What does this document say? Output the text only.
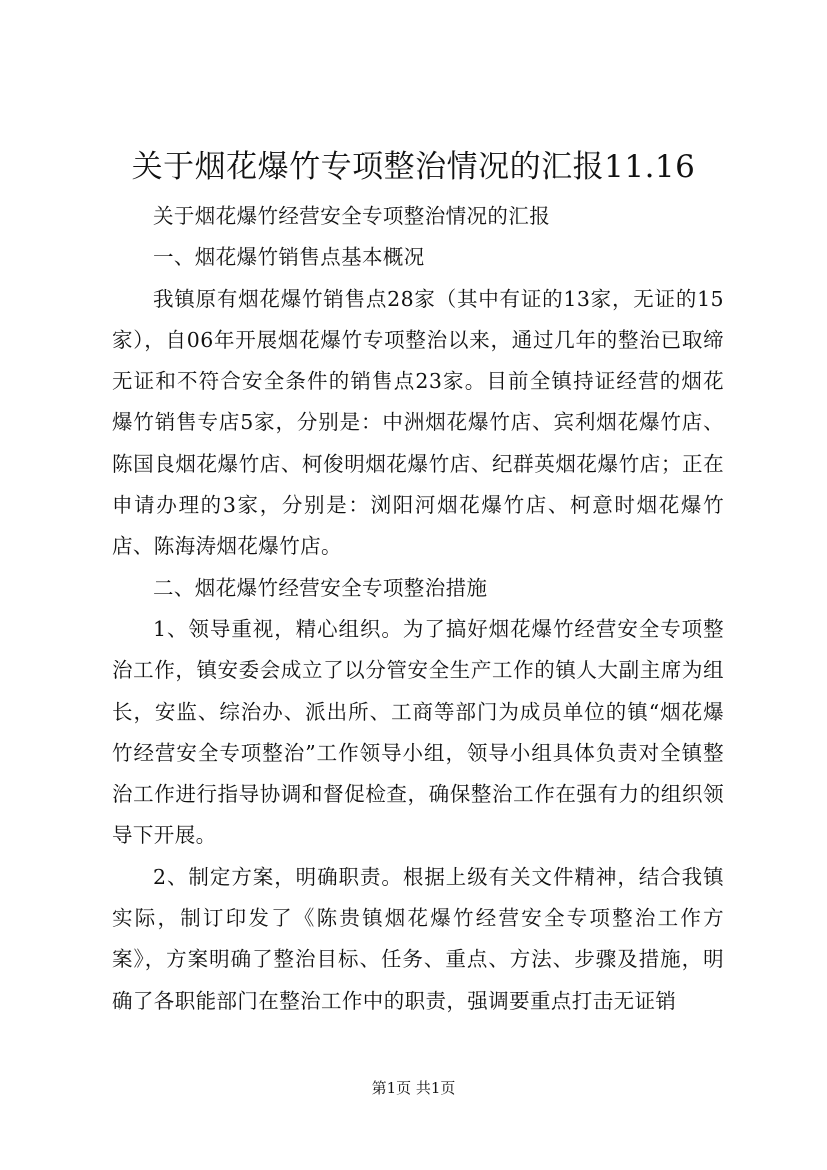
关于烟花爆竹专项整治情况的汇报11.16

关于烟花爆竹经营安全专项整治情况的汇报

一、烟花爆竹销售点基本概况

我镇原有烟花爆竹销售点28家（其中有证的13家，无证的15家），自06年开展烟花爆竹专项整治以来，通过几年的整治已取缔无证和不符合安全条件的销售点23家。目前全镇持证经营的烟花爆竹销售专店5家，分别是：中洲烟花爆竹店、宾利烟花爆竹店、陈国良烟花爆竹店、柯俊明烟花爆竹店、纪群英烟花爆竹店；正在申请办理的3家，分别是：浏阳河烟花爆竹店、柯意时烟花爆竹店、陈海涛烟花爆竹店。

二、烟花爆竹经营安全专项整治措施

1、领导重视，精心组织。为了搞好烟花爆竹经营安全专项整治工作，镇安委会成立了以分管安全生产工作的镇人大副主席为组长，安监、综治办、派出所、工商等部门为成员单位的镇“烟花爆竹经营安全专项整治”工作领导小组，领导小组具体负责对全镇整治工作进行指导协调和督促检查，确保整治工作在强有力的组织领导下开展。

2、制定方案，明确职责。根据上级有关文件精神，结合我镇实际，制订印发了《陈贵镇烟花爆竹经营安全专项整治工作方案》，方案明确了整治目标、任务、重点、方法、步骤及措施，明确了各职能部门在整治工作中的职责，强调要重点打击无证销

第1页 共1页
